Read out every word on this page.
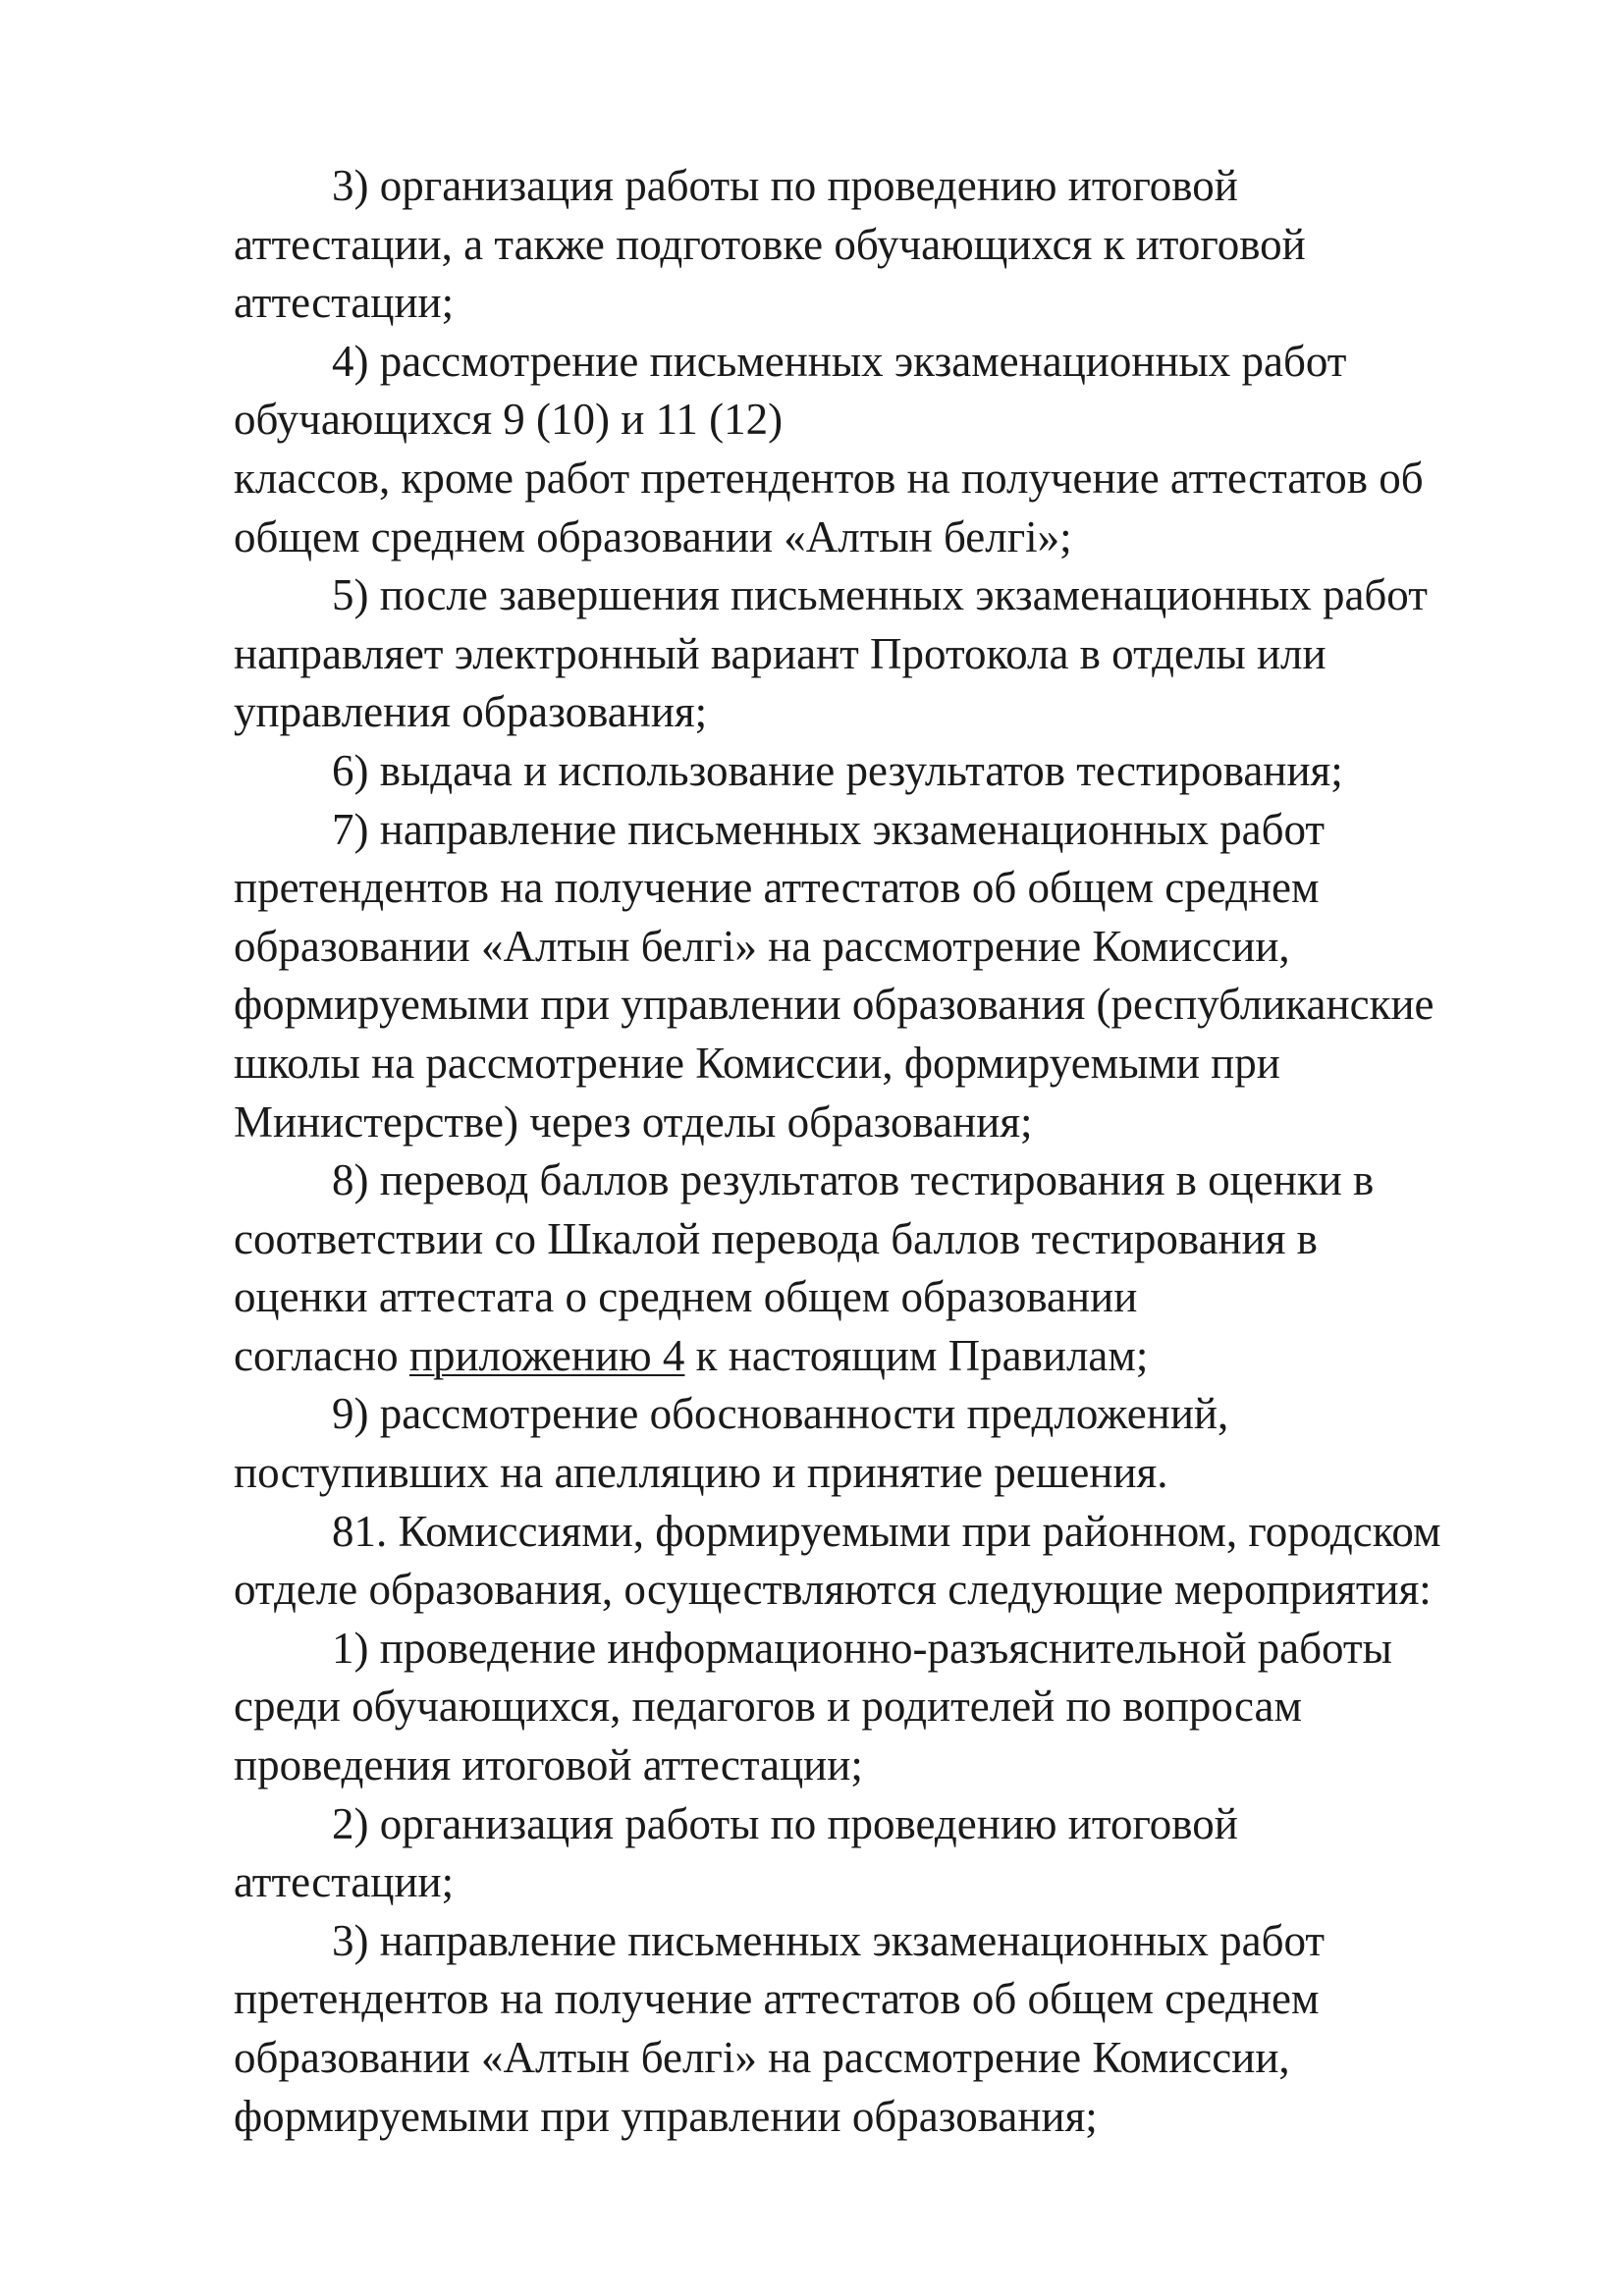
3) организация работы по проведению итоговой
аттестации, а также подготовке обучающихся к итоговой
аттестации;
4) рассмотрение письменных экзаменационных работ
обучающихся 9 (10) и 11 (12)
классов, кроме работ претендентов на получение аттестатов об
общем среднем образовании «Алтын белгі»;
5) после завершения письменных экзаменационных работ
направляет электронный вариант Протокола в отделы или
управления образования;
6) выдача и использование результатов тестирования;
7) направление письменных экзаменационных работ
претендентов на получение аттестатов об общем среднем
образовании «Алтын белгі» на рассмотрение Комиссии,
формируемыми при управлении образования (республиканские
школы на рассмотрение Комиссии, формируемыми при
Министерстве) через отделы образования;
8) перевод баллов результатов тестирования в оценки в
соответствии со Шкалой перевода баллов тестирования в
оценки аттестата о среднем общем образовании
согласно приложению 4 к настоящим Правилам;
9) рассмотрение обоснованности предложений,
поступивших на апелляцию и принятие решения.
81. Комиссиями, формируемыми при районном, городском
отделе образования, осуществляются следующие мероприятия:
1) проведение информационно-разъяснительной работы
среди обучающихся, педагогов и родителей по вопросам
проведения итоговой аттестации;
2) организация работы по проведению итоговой
аттестации;
3) направление письменных экзаменационных работ
претендентов на получение аттестатов об общем среднем
образовании «Алтын белгі» на рассмотрение Комиссии,
формируемыми при управлении образования;
